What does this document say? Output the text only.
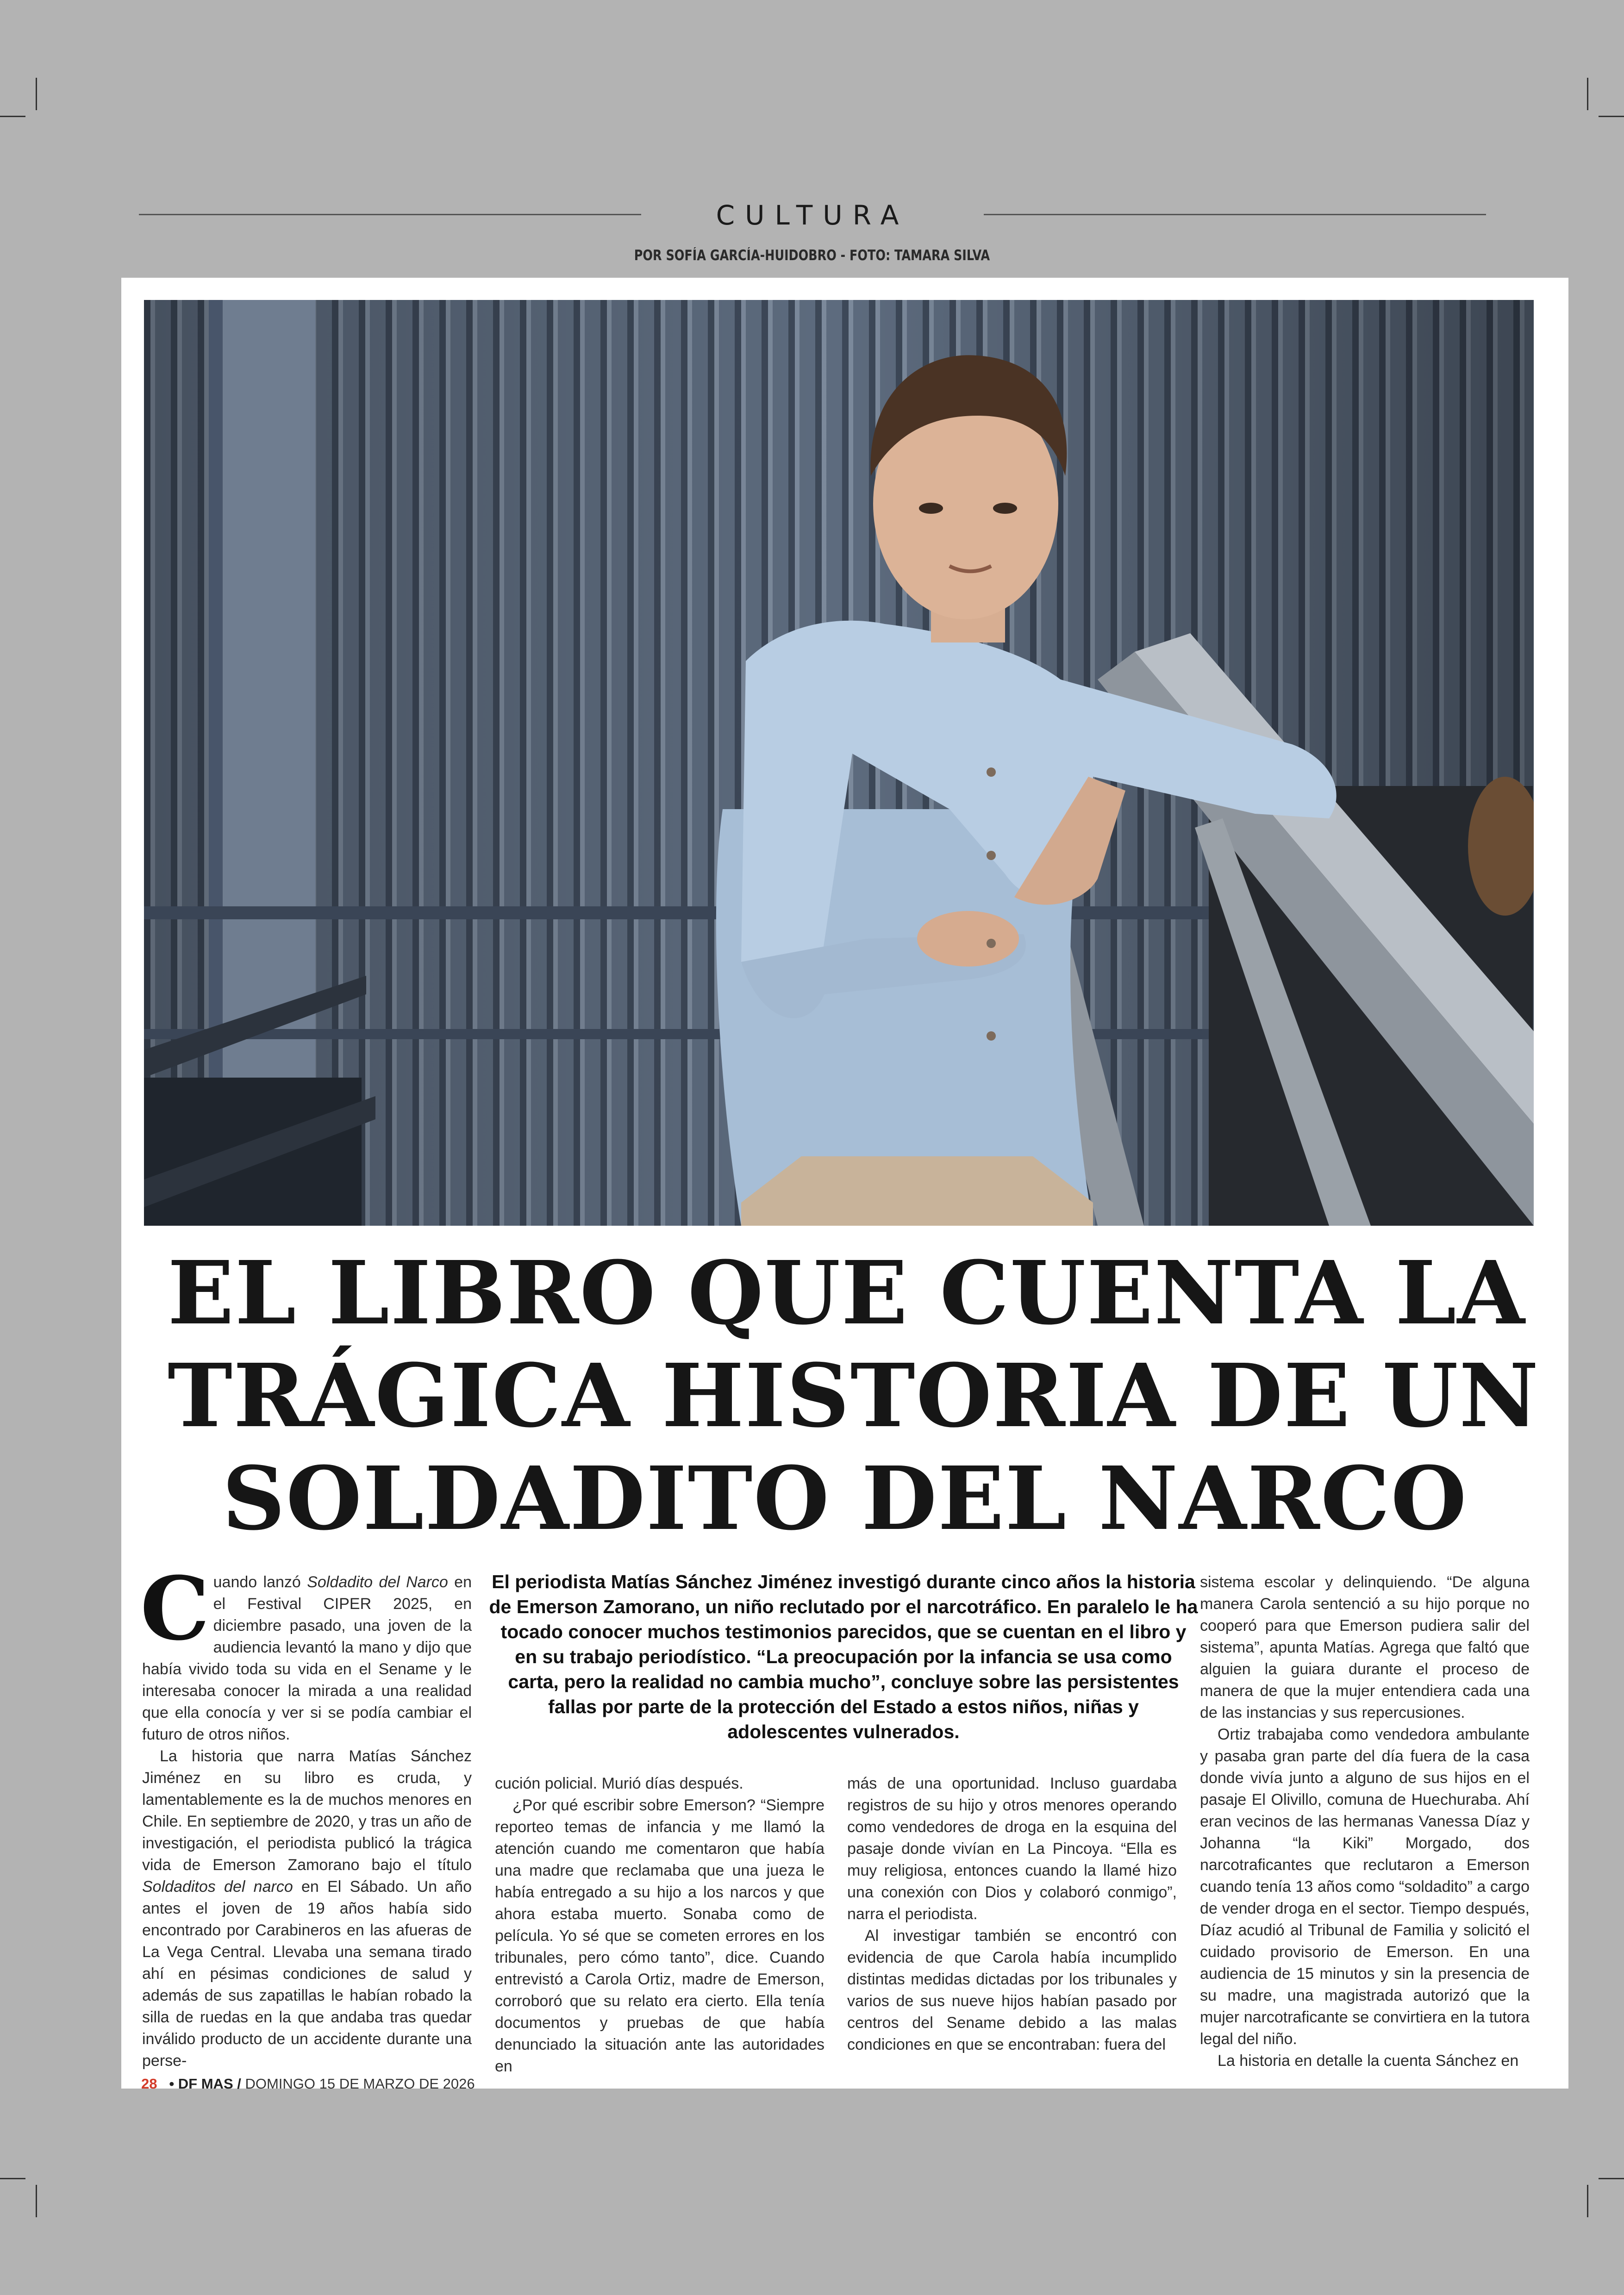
CULTURA
POR SOFÍA GARCÍA-HUIDOBRO - FOTO: TAMARA SILVA
EL LIBRO QUE CUENTA LA
TRÁGICA HISTORIA DE UN
SOLDADITO DEL NARCO
El periodista Matías Sánchez Jiménez investigó durante cinco años la historia de Emerson Zamorano, un niño reclutado por el narcotráfico. En paralelo le ha tocado conocer muchos testimonios parecidos, que se cuentan en el libro y en su trabajo periodístico. “La preocupación por la infancia se usa como carta, pero la realidad no cambia mucho”, concluye sobre las persistentes fallas por parte de la protección del Estado a estos niños, niñas y adolescentes vulnerados.

Cuando lanzó Soldadito del Narco en el Festival CIPER 2025, en diciembre pasado, una joven de la audiencia levantó la mano y dijo que había vivido toda su vida en el Sename y le interesaba conocer la mirada a una realidad que ella conocía y ver si se podía cambiar el futuro de otros niños.

La historia que narra Matías Sánchez Jiménez en su libro es cruda, y lamentablemente es la de muchos menores en Chile. En septiembre de 2020, y tras un año de investigación, el periodista publicó la trágica vida de Emerson Zamorano bajo el título Soldaditos del narco en El Sábado. Un año antes el joven de 19 años había sido encontrado por Carabineros en las afueras de La Vega Central. Llevaba una semana tirado ahí en pésimas condiciones de salud y además de sus zapatillas le habían robado la silla de ruedas en la que andaba tras quedar inválido producto de un accidente durante una perse-

cución policial. Murió días después.

¿Por qué escribir sobre Emerson? “Siempre reporteo temas de infancia y me llamó la atención cuando me comentaron que había una madre que reclamaba que una jueza le había entregado a su hijo a los narcos y que ahora estaba muerto. Sonaba como de película. Yo sé que se cometen errores en los tribunales, pero cómo tanto”, dice. Cuando entrevistó a Carola Ortiz, madre de Emerson, corroboró que su relato era cierto. Ella tenía documentos y pruebas de que había denunciado la situación ante las autoridades en

más de una oportunidad. Incluso guardaba registros de su hijo y otros menores operando como vendedores de droga en la esquina del pasaje donde vivían en La Pincoya. “Ella es muy religiosa, entonces cuando la llamé hizo una conexión con Dios y colaboró conmigo”, narra el periodista.

Al investigar también se encontró con evidencia de que Carola había incumplido distintas medidas dictadas por los tribunales y varios de sus nueve hijos habían pasado por centros del Sename debido a las malas condiciones en que se encontraban: fuera del

sistema escolar y delinquiendo. “De alguna manera Carola sentenció a su hijo porque no cooperó para que Emerson pudiera salir del sistema”, apunta Matías. Agrega que faltó que alguien la guiara durante el proceso de manera de que la mujer entendiera cada una de las instancias y sus repercusiones.

Ortiz trabajaba como vendedora ambulante y pasaba gran parte del día fuera de la casa donde vivía junto a alguno de sus hijos en el pasaje El Olivillo, comuna de Huechuraba. Ahí eran vecinos de las hermanas Vanessa Díaz y Johanna “la Kiki” Morgado, dos narcotraficantes que reclutaron a Emerson cuando tenía 13 años como “soldadito” a cargo de vender droga en el sector. Tiempo después, Díaz acudió al Tribunal de Familia y solicitó el cuidado provisorio de Emerson. En una audiencia de 15 minutos y sin la presencia de su madre, una magistrada autorizó que la mujer narcotraficante se convirtiera en la tutora legal del niño.

La historia en detalle la cuenta Sánchez en

28 • DF MAS / DOMINGO 15 DE MARZO DE 2026
